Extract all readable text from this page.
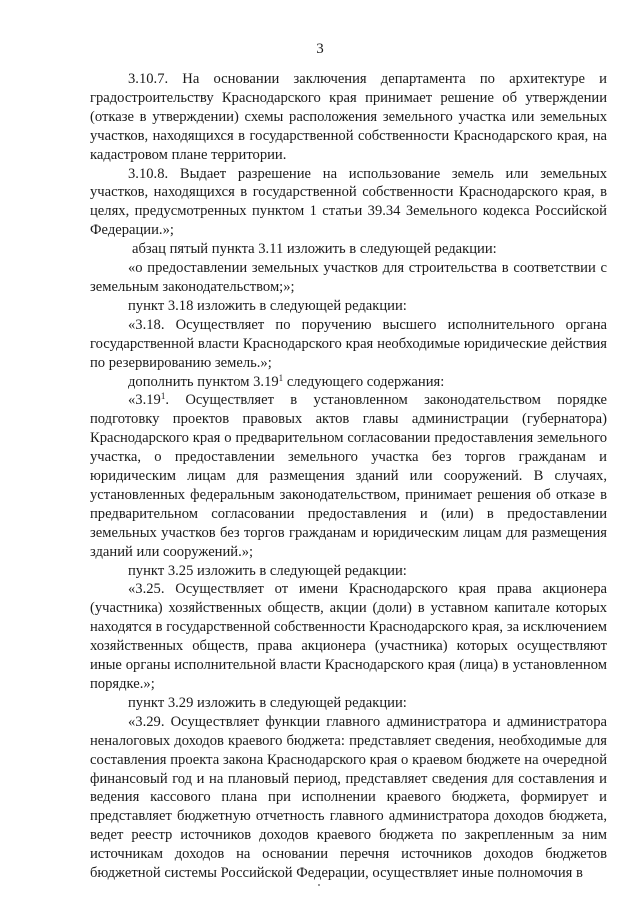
3

3.10.7. На основании заключения департамента по архитектуре и градостроительству Краснодарского края принимает решение об утверждении (отказе в утверждении) схемы расположения земельного участка или земельных участков, находящихся в государственной собственности Краснодарского края, на кадастровом плане территории.

3.10.8. Выдает разрешение на использование земель или земельных участков, находящихся в государственной собственности Краснодарского края, в целях, предусмотренных пунктом 1 статьи 39.34 Земельного кодекса Российской Федерации.»;

абзац пятый пункта 3.11 изложить в следующей редакции:

«о предоставлении земельных участков для строительства в соответствии с земельным законодательством;»;

пункт 3.18 изложить в следующей редакции:

«3.18. Осуществляет по поручению высшего исполнительного органа государственной власти Краснодарского края необходимые юридические действия по резервированию земель.»;

дополнить пунктом 3.19$^1$ следующего содержания:

«3.19$^1$. Осуществляет в установленном законодательством порядке подготовку проектов правовых актов главы администрации (губернатора) Краснодарского края о предварительном согласовании предоставления земельного участка, о предоставлении земельного участка без торгов гражданам и юридическим лицам для размещения зданий или сооружений. В случаях, установленных федеральным законодательством, принимает решения об отказе в предварительном согласовании предоставления и (или) в предоставлении земельных участков без торгов гражданам и юридическим лицам для размещения зданий или сооружений.»;

пункт 3.25 изложить в следующей редакции:

«3.25. Осуществляет от имени Краснодарского края права акционера (участника) хозяйственных обществ, акции (доли) в уставном капитале которых находятся в государственной собственности Краснодарского края, за исключением хозяйственных обществ, права акционера (участника) которых осуществляют иные органы исполнительной власти Краснодарского края (лица) в установленном порядке.»;

пункт 3.29 изложить в следующей редакции:

«3.29. Осуществляет функции главного администратора и администратора неналоговых доходов краевого бюджета: представляет сведения, необходимые для составления проекта закона Краснодарского края о краевом бюджете на очередной финансовый год и на плановый период, представляет сведения для составления и ведения кассового плана при исполнении краевого бюджета, формирует и представляет бюджетную отчетность главного администратора доходов бюджета, ведет реестр источников доходов краевого бюджета по закрепленным за ним источникам доходов на основании перечня источников доходов бюджетов бюджетной системы Российской Федерации, осуществляет иные полномочия в
